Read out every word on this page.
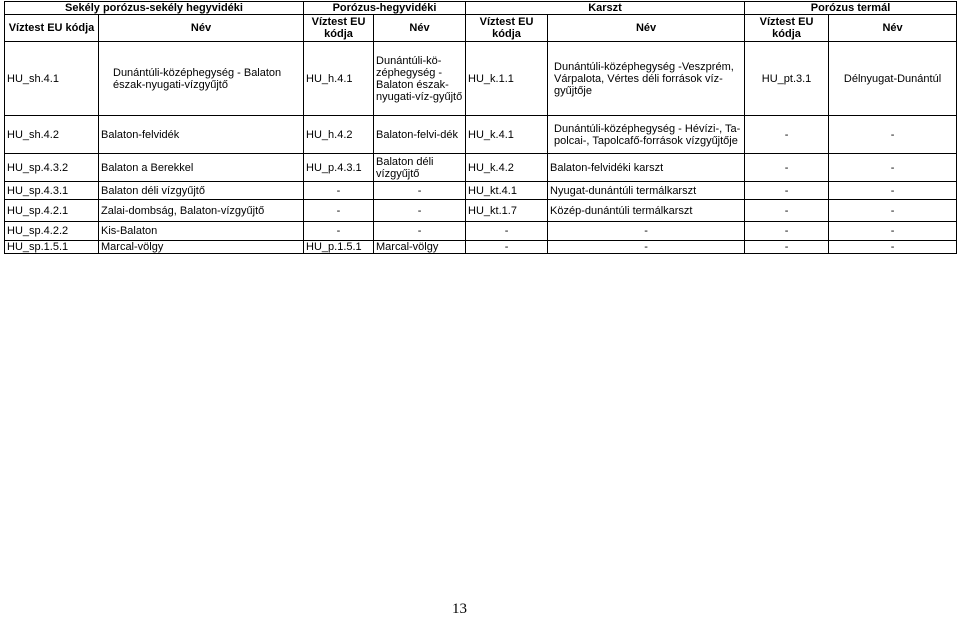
Sekély porózus-sekély hegyvidéki		Porózus-hegyvidéki		Karszt		Porózus termál	
Víztest EU kódja	Név	Víztest EU kódja	Név	Víztest EU kódja	Név	Víztest EU kódja	Név
HU_sh.4.1	Dunántúli-középhegység - Balaton észak-nyugati-vízgyűjtő	HU_h.4.1	Dunántúli-kö-zéphegység - Balaton észak-nyugati-víz-gyűjtő	HU_k.1.1	Dunántúli-középhegység -Veszprém, Várpalota, Vértes déli források víz-gyűjtője	HU_pt.3.1	Délnyugat-Dunántúl
HU_sh.4.2	Balaton-felvidék	HU_h.4.2	Balaton-felvi-dék	HU_k.4.1	Dunántúli-középhegység - Hévízi-, Ta-polcai-, Tapolcafő-források vízgyűjtője	-	-
HU_sp.4.3.2	Balaton a Berekkel	HU_p.4.3.1	Balaton déli vízgyűjtő	HU_k.4.2	Balaton-felvidéki karszt	-	-
HU_sp.4.3.1	Balaton déli vízgyűjtő	-	-	HU_kt.4.1	Nyugat-dunántúli termálkarszt	-	-
HU_sp.4.2.1	Zalai-dombság, Balaton-vízgyűjtő	-	-	HU_kt.1.7	Közép-dunántúli termálkarszt	-	-
HU_sp.4.2.2	Kis-Balaton	-	-	-	-	-	-
HU_sp.1.5.1	Marcal-völgy	HU_p.1.5.1	Marcal-völgy	-	-	-	-
13
